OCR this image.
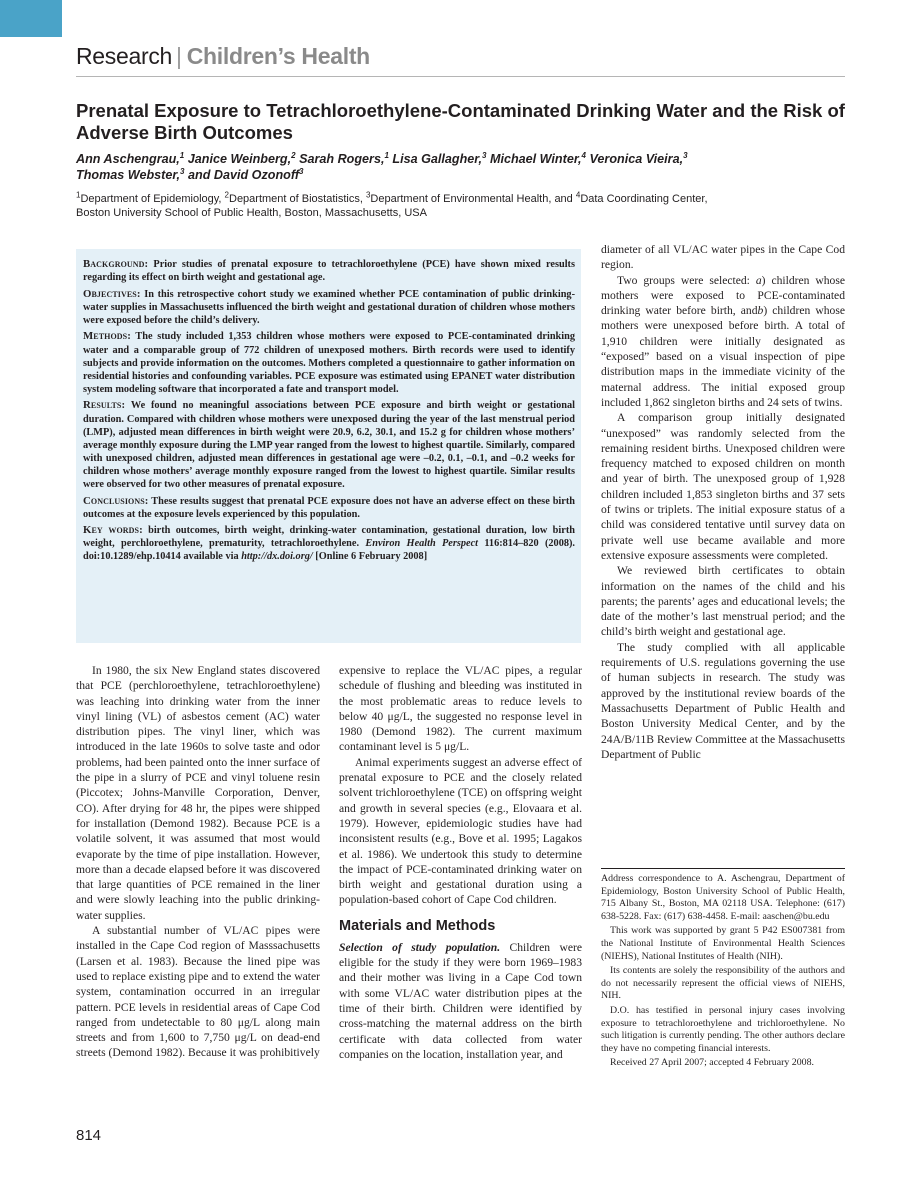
Research | Children’s Health
Prenatal Exposure to Tetrachloroethylene-Contaminated Drinking Water and the Risk of Adverse Birth Outcomes

Ann Aschengrau,$^1$ Janice Weinberg,$^2$ Sarah Rogers,$^1$ Lisa Gallagher,$^3$ Michael Winter,$^4$ Veronica Vieira,$^3$
Thomas Webster,$^3$ and David Ozonoff$^3$

$^1$Department of Epidemiology, $^2$Department of Biostatistics, $^3$Department of Environmental Health, and $^4$Data Coordinating Center,
Boston University School of Public Health, Boston, Massachusetts, USA

Background: Prior studies of prenatal exposure to tetrachloroethylene (PCE) have shown mixed results regarding its effect on birth weight and gestational age.

Objectives: In this retrospective cohort study we examined whether PCE contamination of public drinking-water supplies in Massachusetts influenced the birth weight and gestational duration of children whose mothers were exposed before the child’s delivery.

Methods: The study included 1,353 children whose mothers were exposed to PCE-contaminated drinking water and a comparable group of 772 children of unexposed mothers. Birth records were used to identify subjects and provide information on the outcomes. Mothers completed a questionnaire to gather information on residential histories and confounding variables. PCE exposure was estimated using EPANET water distribution system modeling software that incorporated a fate and transport model.

Results: We found no meaningful associations between PCE exposure and birth weight or gestational duration. Compared with children whose mothers were unexposed during the year of the last menstrual period (LMP), adjusted mean differences in birth weight were 20.9, 6.2, 30.1, and 15.2 g for children whose mothers’ average monthly exposure during the LMP year ranged from the lowest to highest quartile. Similarly, compared with unexposed children, adjusted mean differences in gestational age were –0.2, 0.1, –0.1, and –0.2 weeks for children whose mothers’ average monthly exposure ranged from the lowest to highest quartile. Similar results were observed for two other measures of prenatal exposure.

Conclusions: These results suggest that prenatal PCE exposure does not have an adverse effect on these birth outcomes at the exposure levels experienced by this population.

Key words: birth outcomes, birth weight, drinking-water contamination, gestational duration, low birth weight, perchloroethylene, prematurity, tetrachloroethylene. Environ Health Perspect 116:814–820 (2008). doi:10.1289/ehp.10414 available via http://dx.doi.org/ [Online 6 February 2008]

In 1980, the six New England states discovered that PCE (perchloroethylene, tetrachloroethylene) was leaching into drinking water from the inner vinyl lining (VL) of asbestos cement (AC) water distribution pipes. The vinyl liner, which was introduced in the late 1960s to solve taste and odor problems, had been painted onto the inner surface of the pipe in a slurry of PCE and vinyl toluene resin (Piccotex; Johns-Manville Corporation, Denver, CO). After drying for 48 hr, the pipes were shipped for installation (Demond 1982). Because PCE is a volatile solvent, it was assumed that most would evaporate by the time of pipe installation. However, more than a decade elapsed before it was discovered that large quantities of PCE remained in the liner and were slowly leaching into the public drinking-water supplies.

A substantial number of VL/AC pipes were installed in the Cape Cod region of Masssachusetts (Larsen et al. 1983). Because the lined pipe was used to replace existing pipe and to extend the water system, contamination occurred in an irregular pattern. PCE levels in residential areas of Cape Cod ranged from undetectable to 80 μg/L along main streets and from 1,600 to 7,750 μg/L on dead-end streets (Demond 1982). Because it was prohibitively

expensive to replace the VL/AC pipes, a regular schedule of flushing and bleeding was instituted in the most problematic areas to reduce levels to below 40 μg/L, the suggested no response level in 1980 (Demond 1982). The current maximum contaminant level is 5 μg/L.

Animal experiments suggest an adverse effect of prenatal exposure to PCE and the closely related solvent trichloroethylene (TCE) on offspring weight and growth in several species (e.g., Elovaara et al. 1979). However, epidemiologic studies have had inconsistent results (e.g., Bove et al. 1995; Lagakos et al. 1986). We undertook this study to determine the impact of PCE-contaminated drinking water on birth weight and gestational duration using a population-based cohort of Cape Cod children.

Materials and Methods

Selection of study population. Children were eligible for the study if they were born 1969–1983 and their mother was living in a Cape Cod town with some VL/AC water distribution pipes at the time of their birth. Children were identified by cross-matching the maternal address on the birth certificate with data collected from water companies on the location, installation year, and

diameter of all VL/AC water pipes in the Cape Cod region.

Two groups were selected: a) children whose mothers were exposed to PCE-contaminated drinking water before birth, andb) children whose mothers were unexposed before birth. A total of 1,910 children were initially designated as “exposed” based on a visual inspection of pipe distribution maps in the immediate vicinity of the maternal address. The initial exposed group included 1,862 singleton births and 24 sets of twins.

A comparison group initially designated “unexposed” was randomly selected from the remaining resident births. Unexposed children were frequency matched to exposed children on month and year of birth. The unexposed group of 1,928 children included 1,853 singleton births and 37 sets of twins or triplets. The initial exposure status of a child was considered tentative until survey data on private well use became available and more extensive exposure assessments were completed.

We reviewed birth certificates to obtain information on the names of the child and his parents; the parents’ ages and educational levels; the date of the mother’s last menstrual period; and the child’s birth weight and gestational age.

The study complied with all applicable requirements of U.S. regulations governing the use of human subjects in research. The study was approved by the institutional review boards of the Massachusetts Department of Public Health and Boston University Medical Center, and by the 24A/B/11B Review Committee at the Massachusetts Department of Public

Address correspondence to A. Aschengrau, Department of Epidemiology, Boston University School of Public Health, 715 Albany St., Boston, MA 02118 USA. Telephone: (617) 638-5228. Fax: (617) 638-4458. E-mail: aaschen@bu.edu

This work was supported by grant 5 P42 ES007381 from the National Institute of Environmental Health Sciences (NIEHS), National Institutes of Health (NIH).

Its contents are solely the responsibility of the authors and do not necessarily represent the official views of NIEHS, NIH.

D.O. has testified in personal injury cases involving exposure to tetrachloroethylene and trichloroethylene. No such litigation is currently pending. The other authors declare they have no competing financial interests.

Received 27 April 2007; accepted 4 February 2008.

814
